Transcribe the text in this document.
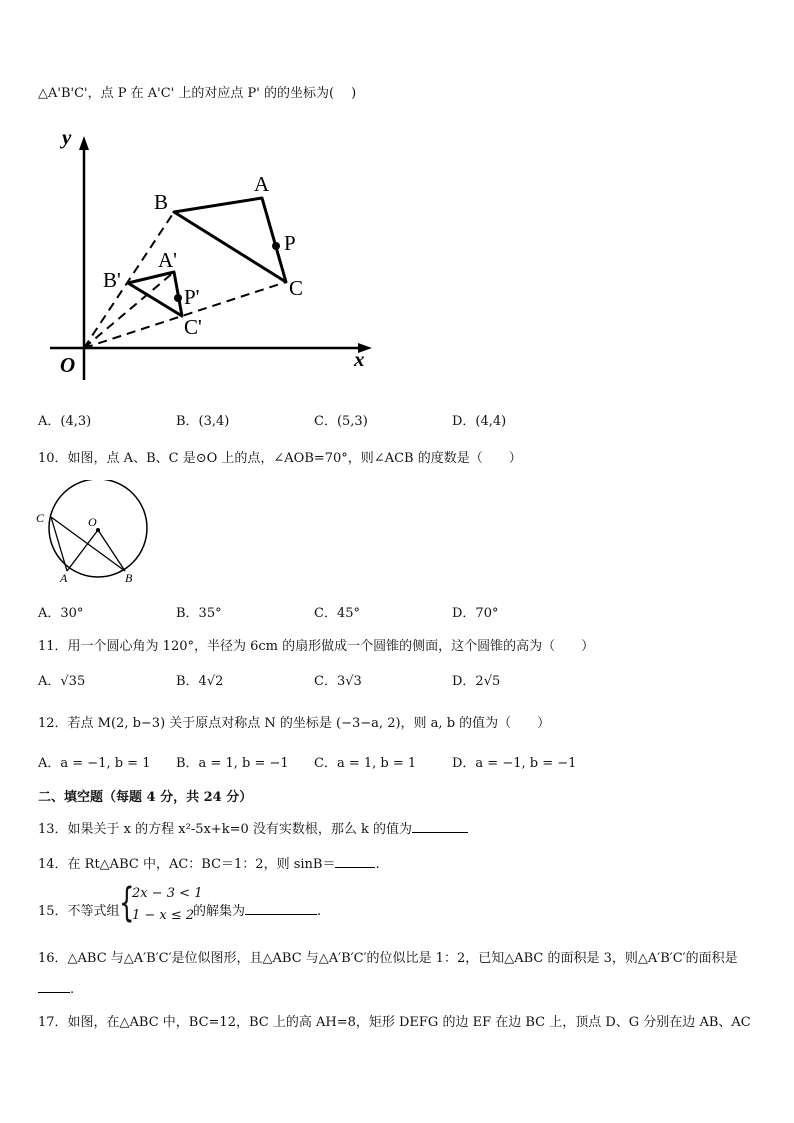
△A'B'C'，点 P 在 A'C' 上的对应点 P' 的的坐标为(　 )
y
x
O
A
B
P
C
A'
B'
P'
C'
A．(4,3)	B．(3,4)	C．(5,3)	D．(4,4)
10．如图，点 A、B、C 是⊙O 上的点，∠AOB=70°，则∠ACB 的度数是（　　）
C	O
A	B
A．30°	B．35°	C．45°	D．70°
11．用一个圆心角为 120°，半径为 6cm 的扇形做成一个圆锥的侧面，这个圆锥的高为（　　）
A．√35	B．4√2	C．3√3	D．2√5
12．若点 M(2, b−3) 关于原点对称点 N 的坐标是 (−3−a, 2)，则 a, b 的值为（　　）
A．a = −1, b = 1 B．a = 1, b = −1 C．a = 1, b = 1	D．a = −1, b = −1
二、填空题（每题 4 分，共 24 分）
13．如果关于 x 的方程 x²-5x+k=0 没有实数根，那么 k 的值为
14．在 Rt△ABC 中，AC：BC＝1：2，则 sinB＝	.
15．不等式组 {
2x − 3 < 1
1 − x ≤ 2
的解集为	.
16．△ABC 与△A′B′C′是位似图形，且△ABC 与△A′B′C′的位似比是 1：2，已知△ABC 的面积是 3，则△A′B′C′的面积是
.
17．如图，在△ABC 中，BC=12，BC 上的高 AH=8，矩形 DEFG 的边 EF 在边 BC 上，顶点 D、G 分别在边 AB、AC
